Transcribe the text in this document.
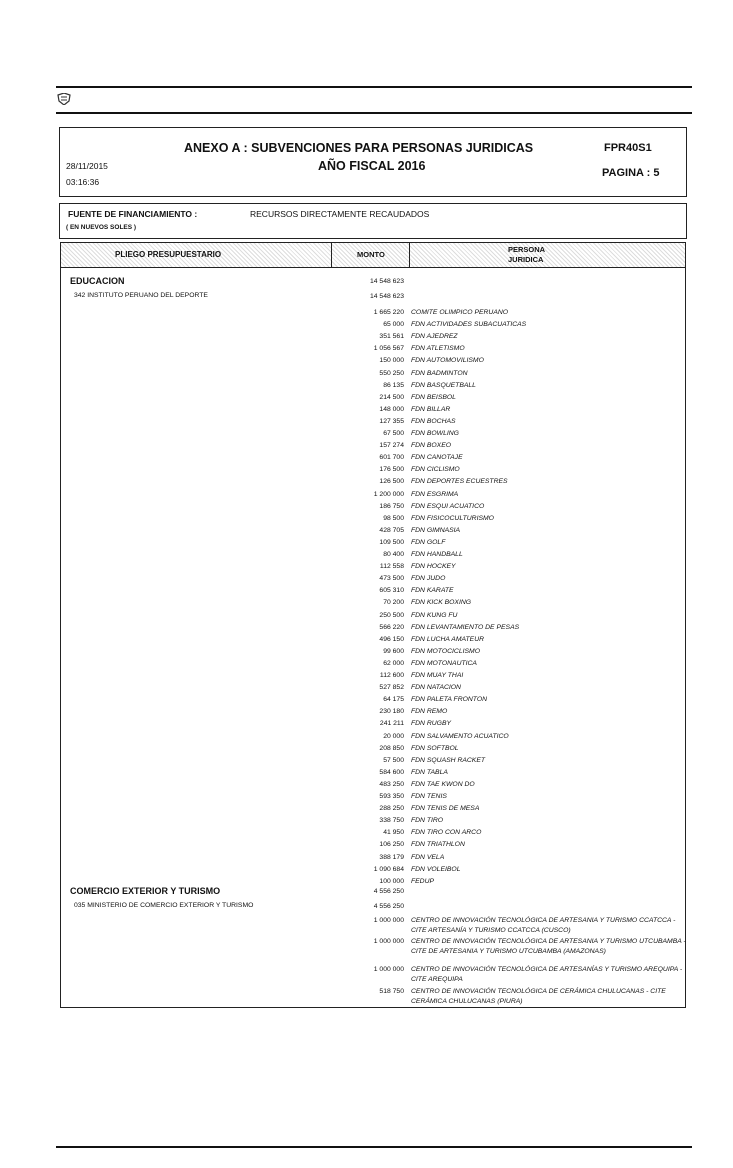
ANEXO A : SUBVENCIONES PARA PERSONAS JURIDICAS
AÑO FISCAL 2016
28/11/2015
03:16:36
FPR40S1
PAGINA : 5
FUENTE DE FINANCIAMIENTO :	RECURSOS DIRECTAMENTE RECAUDADOS
( EN NUEVOS SOLES )
PLIEGO PRESUPUESTARIO	MONTO
PERSONA
JURIDICA
EDUCACION	14 548 623
342 INSTITUTO PERUANO DEL DEPORTE	14 548 623
1 665 220 COMITE OLIMPICO PERUANO
65 000 FDN ACTIVIDADES SUBACUATICAS
351 561 FDN AJEDREZ
1 056 567 FDN ATLETISMO
150 000 FDN AUTOMOVILISMO
550 250 FDN BADMINTON
86 135 FDN BASQUETBALL
214 500 FDN BEISBOL
148 000 FDN BILLAR
127 355 FDN BOCHAS
67 500 FDN BOWLING
157 274 FDN BOXEO
601 700 FDN CANOTAJE
176 500 FDN CICLISMO
126 500 FDN DEPORTES ECUESTRES
1 200 000 FDN ESGRIMA
186 750 FDN ESQUI ACUATICO
98 500 FDN FISICOCULTURISMO
428 705 FDN GIMNASIA
109 500 FDN GOLF
80 400 FDN HANDBALL
112 558 FDN HOCKEY
473 500 FDN JUDO
605 310 FDN KARATE
70 200 FDN KICK BOXING
250 500 FDN KUNG FU
566 220 FDN LEVANTAMIENTO DE PESAS
496 150 FDN LUCHA AMATEUR
99 600 FDN MOTOCICLISMO
62 000 FDN MOTONAUTICA
112 600 FDN MUAY THAI
527 852 FDN NATACION
64 175 FDN PALETA FRONTON
230 180 FDN REMO
241 211 FDN RUGBY
20 000 FDN SALVAMENTO ACUATICO
208 850 FDN SOFTBOL
57 500 FDN SQUASH RACKET
584 600 FDN TABLA
483 250 FDN TAE KWON DO
593 350 FDN TENIS
288 250 FDN TENIS DE MESA
338 750 FDN TIRO
41 950 FDN TIRO CON ARCO
106 250 FDN TRIATHLON
388 179 FDN VELA
1 090 684 FDN VOLEIBOL
100 000 FEDUP
COMERCIO EXTERIOR Y TURISMO	4 556 250
035 MINISTERIO DE COMERCIO EXTERIOR Y TURISMO	4 556 250
1 000 000 CENTRO DE INNOVACIÓN TECNOLÓGICA DE ARTESANIA Y TURISMO CCATCCA - CITE ARTESANÍA Y TURISMO CCATCCA (CUSCO)
1 000 000 CENTRO DE INNOVACIÓN TECNOLÓGICA DE ARTESANIA Y TURISMO UTCUBAMBA - CITE DE ARTESANIA Y TURISMO UTCUBAMBA (AMAZONAS)
1 000 000 CENTRO DE INNOVACIÓN TECNOLÓGICA DE ARTESANÍAS Y TURISMO AREQUIPA - CITE AREQUIPA
518 750 CENTRO DE INNOVACIÓN TECNOLÓGICA DE CERÁMICA CHULUCANAS - CITE CERÁMICA CHULUCANAS (PIURA)
